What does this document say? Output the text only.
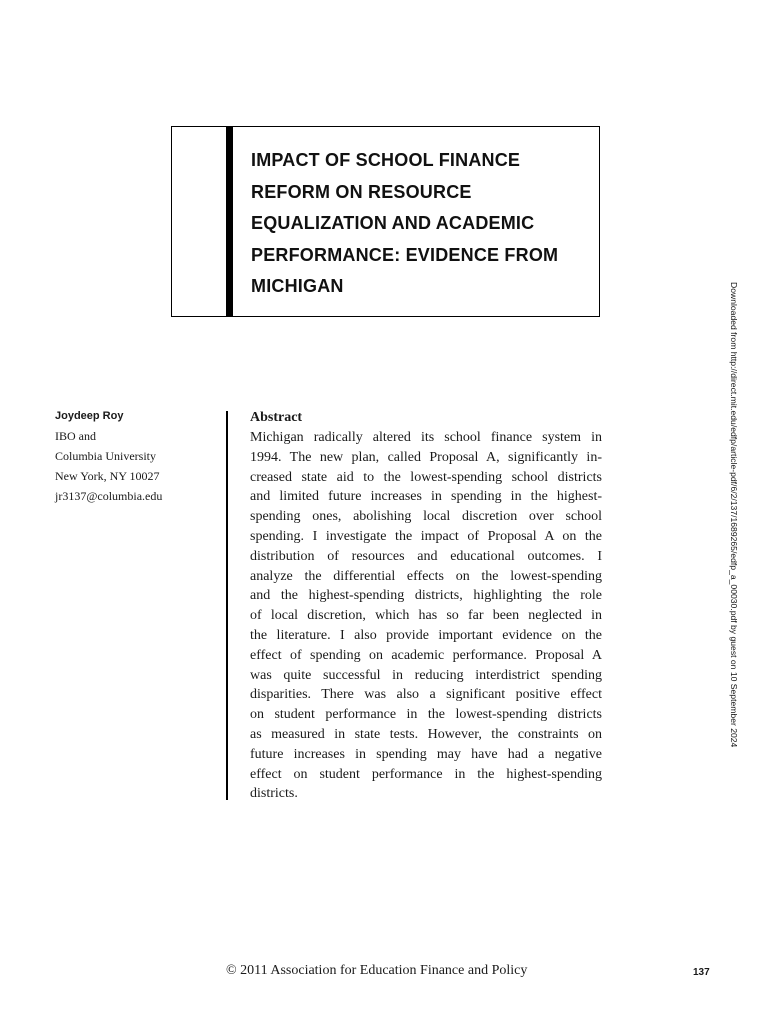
IMPACT OF SCHOOL FINANCE
REFORM ON RESOURCE
EQUALIZATION AND ACADEMIC
PERFORMANCE: EVIDENCE FROM
MICHIGAN
Joydeep Roy
IBO and
Columbia University
New York, NY 10027
jr3137@columbia.edu
Abstract
Michigan radically altered its school finance system in
1994. The new plan, called Proposal A, significantly in-
creased state aid to the lowest-spending school districts
and limited future increases in spending in the highest-
spending ones, abolishing local discretion over school
spending. I investigate the impact of Proposal A on the
distribution of resources and educational outcomes. I
analyze the differential effects on the lowest-spending
and the highest-spending districts, highlighting the role
of local discretion, which has so far been neglected in
the literature. I also provide important evidence on the
effect of spending on academic performance. Proposal A
was quite successful in reducing interdistrict spending
disparities. There was also a significant positive effect
on student performance in the lowest-spending districts
as measured in state tests. However, the constraints on
future increases in spending may have had a negative
effect on student performance in the highest-spending
districts.
Downloaded from http://direct.mit.edu/edfp/article-pdf/6/2/137/1689265/edfp_a_00030.pdf by guest on 10 September 2024
© 2011 Association for Education Finance and Policy	137
